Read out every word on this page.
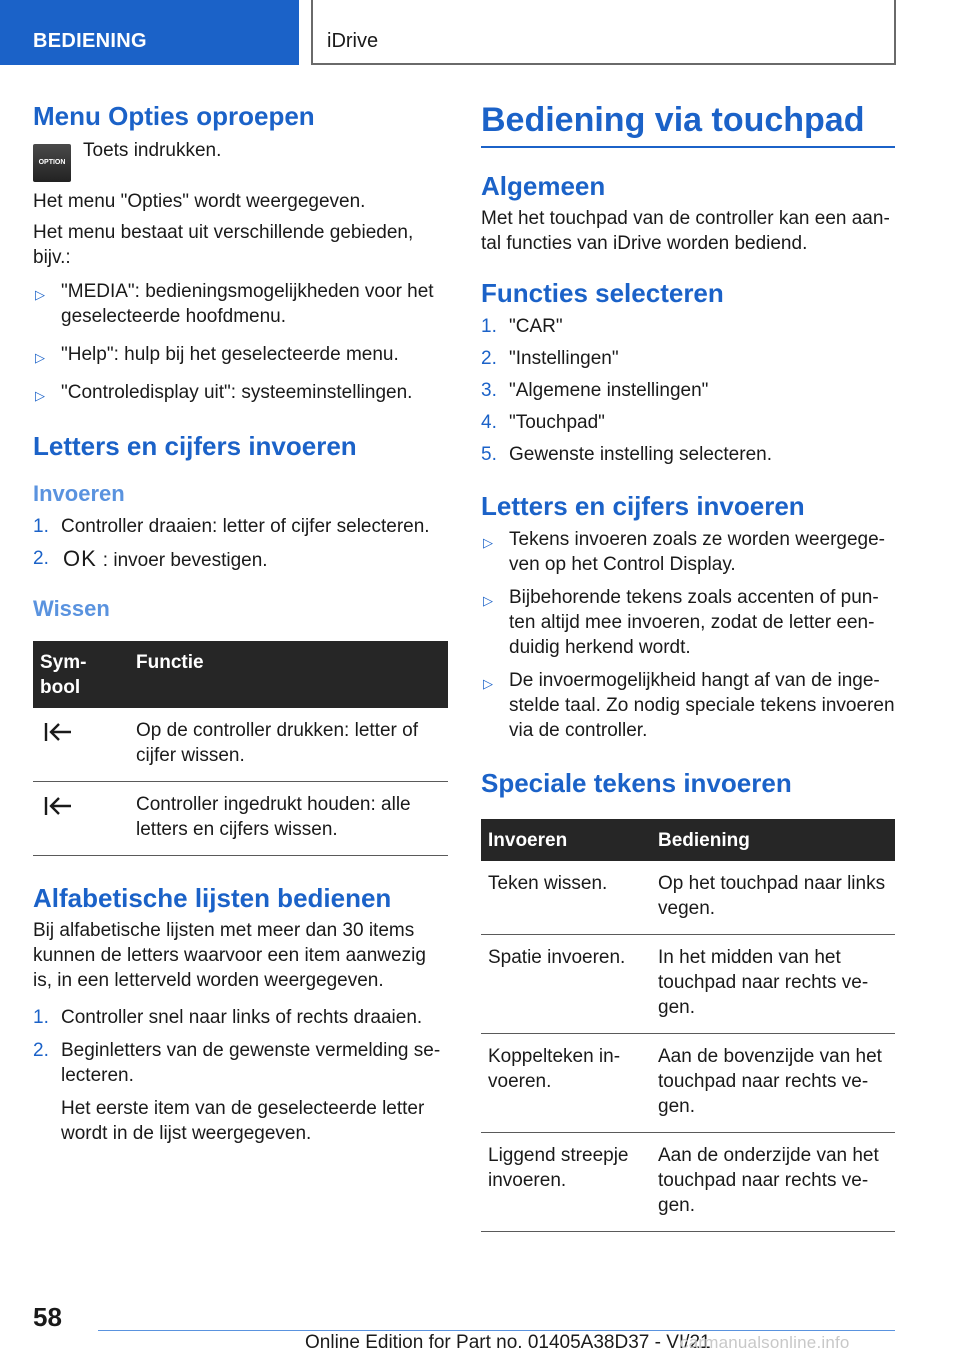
BEDIENING	iDrive
Menu Opties oproepen
OPTION
Toets indrukken.

Het menu "Opties" wordt weergegeven.

Het menu bestaat uit verschillende gebieden, bijv.:

▷ "MEDIA": bedieningsmogelijkheden voor het geselecteerde hoofdmenu.
▷ "Help": hulp bij het geselecteerde menu.
▷ "Controledisplay uit": systeeminstellingen.
Letters en cijfers invoeren
Invoeren
1. Controller draaien: letter of cijfer selecteren.
2. OK : invoer bevestigen.
Wissen
Sym-
bool	Functie
	Op de controller drukken: letter of cijfer wissen.
	Controller ingedrukt houden: alle letters en cijfers wissen.
Alfabetische lijsten bedienen

Bij alfabetische lijsten met meer dan 30 items kunnen de letters waarvoor een item aanwezig is, in een letterveld worden weergegeven.

1. Controller snel naar links of rechts draaien.
2. Beginletters van de gewenste vermelding selecteren.

Het eerste item van de geselecteerde letter wordt in de lijst weergegeven.

Bediening via touchpad
Algemeen

Met het touchpad van de controller kan een aantal functies van iDrive worden bediend.

Functies selecteren
1. "CAR"
2. "Instellingen"
3. "Algemene instellingen"
4. "Touchpad"
5. Gewenste instelling selecteren.
Letters en cijfers invoeren
▷ Tekens invoeren zoals ze worden weergegeven op het Control Display.
▷ Bijbehorende tekens zoals accenten of punten altijd mee invoeren, zodat de letter eenduidig herkend wordt.
▷ De invoermogelijkheid hangt af van de ingestelde taal. Zo nodig speciale tekens invoeren via de controller.
Speciale tekens invoeren
Invoeren	Bediening
Teken wissen.	Op het touchpad naar links vegen.
Spatie invoeren.	In het midden van het touchpad naar rechts vegen.
Koppelteken invoeren.	Aan de bovenzijde van het touchpad naar rechts vegen.
Liggend streepje invoeren.	Aan de onderzijde van het touchpad naar rechts vegen.
58
Online Edition for Part no. 01405A38D37 - VI/21
carmanualsonline.info
